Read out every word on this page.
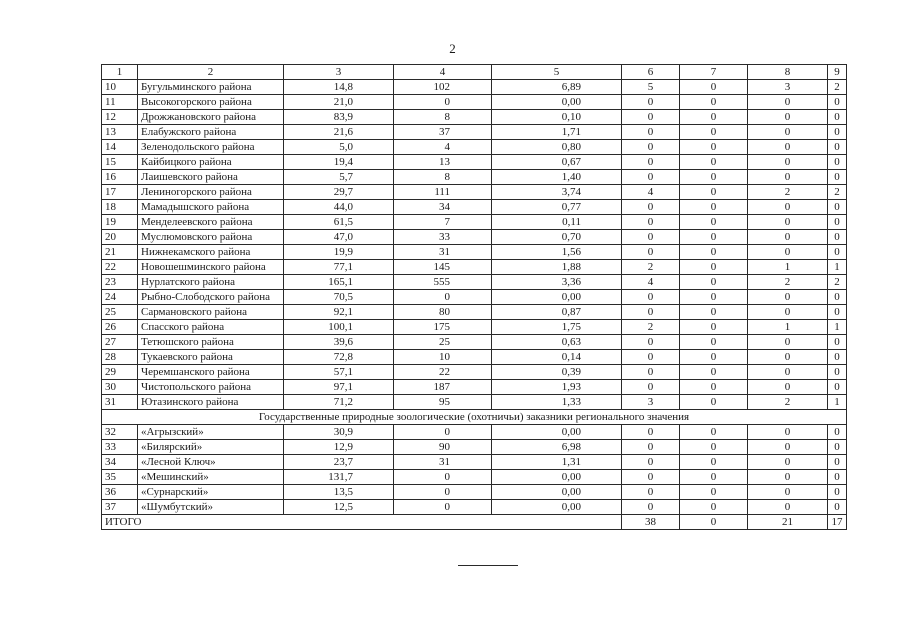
2
1	2	3	4	5	6	7	8	9
10	Бугульминского района	14,8	102	6,89	5	0	3	2
11	Высокогорского района	21,0	0	0,00	0	0	0	0
12	Дрожжановского района	83,9	8	0,10	0	0	0	0
13	Елабужского района	21,6	37	1,71	0	0	0	0
14	Зеленодольского района	5,0	4	0,80	0	0	0	0
15	Кайбицкого района	19,4	13	0,67	0	0	0	0
16	Лаишевского района	5,7	8	1,40	0	0	0	0
17	Лениногорского района	29,7	111	3,74	4	0	2	2
18	Мамадышского района	44,0	34	0,77	0	0	0	0
19	Менделеевского района	61,5	7	0,11	0	0	0	0
20	Муслюмовского района	47,0	33	0,70	0	0	0	0
21	Нижнекамского района	19,9	31	1,56	0	0	0	0
22	Новошешминского района	77,1	145	1,88	2	0	1	1
23	Нурлатского района	165,1	555	3,36	4	0	2	2
24	Рыбно-Слободского района	70,5	0	0,00	0	0	0	0
25	Сармановского района	92,1	80	0,87	0	0	0	0
26	Спасского района	100,1	175	1,75	2	0	1	1
27	Тетюшского района	39,6	25	0,63	0	0	0	0
28	Тукаевского района	72,8	10	0,14	0	0	0	0
29	Черемшанского района	57,1	22	0,39	0	0	0	0
30	Чистопольского района	97,1	187	1,93	0	0	0	0
31	Ютазинского района	71,2	95	1,33	3	0	2	1
Государственные природные зоологические (охотничьи) заказники регионального значения								
32	«Агрызский»	30,9	0	0,00	0	0	0	0
33	«Билярский»	12,9	90	6,98	0	0	0	0
34	«Лесной Ключ»	23,7	31	1,31	0	0	0	0
35	«Мешинский»	131,7	0	0,00	0	0	0	0
36	«Сурнарский»	13,5	0	0,00	0	0	0	0
37	«Шумбутский»	12,5	0	0,00	0	0	0	0
ИТОГО					38	0	21	17
